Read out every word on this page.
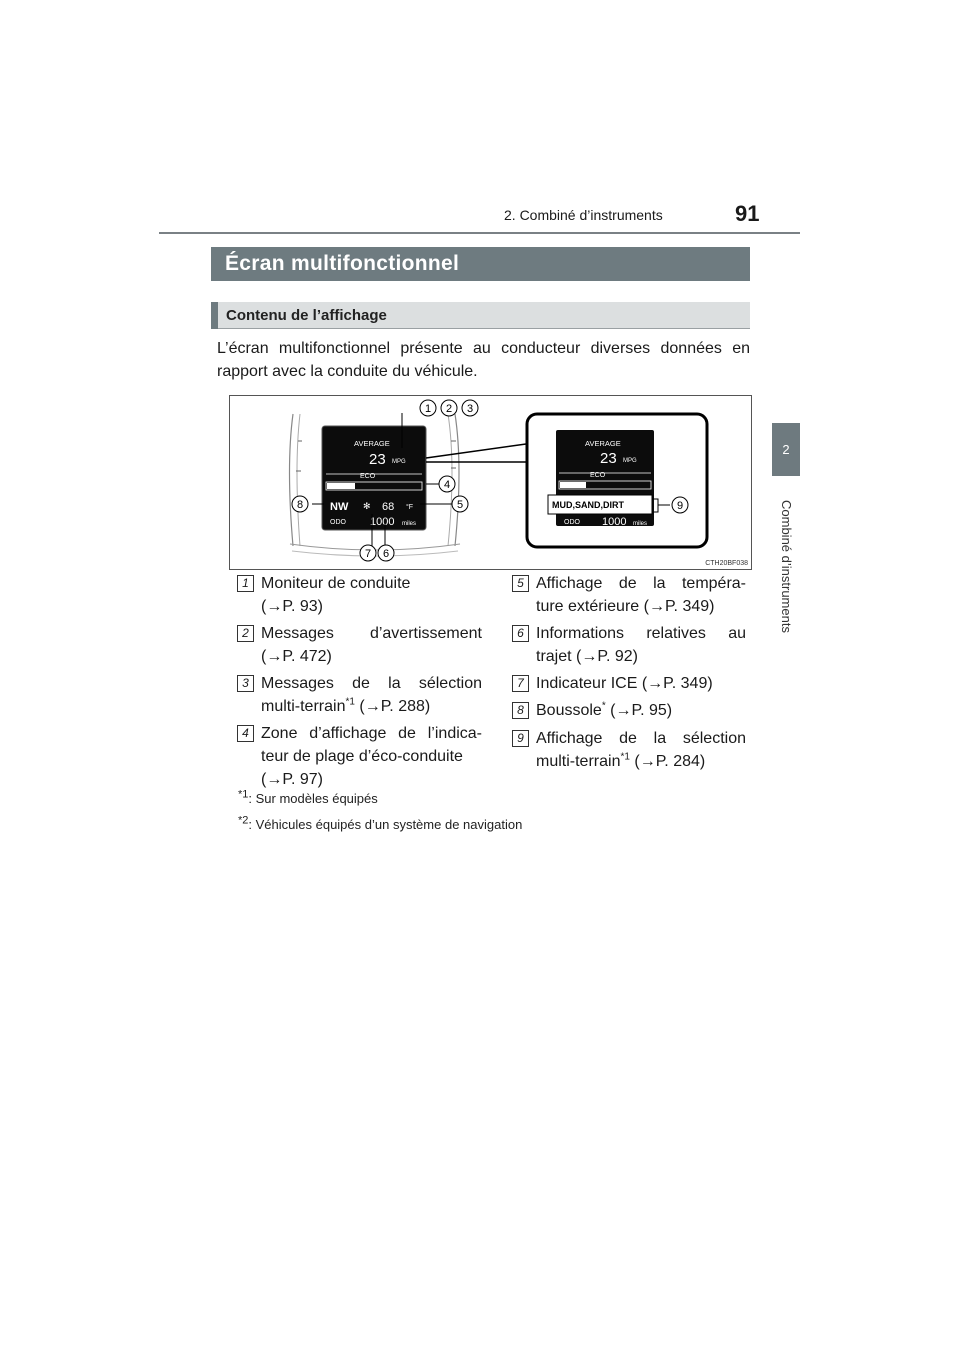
2. Combiné d’instruments	91
2
Combiné d’instruments
Écran multifonctionnel
Contenu de l’affichage
L’écran multifonctionnel présente au conducteur diverses données en rapport avec la conduite du véhicule.
AVERAGE
23 MPG
ECO
NW ✻ 68 °F
ODO 1000 miles
AVERAGE
23 MPG
ECO
MUD,SAND,DIRT
ODO 1000 miles
1 2 3
4
5
6
7
8	9
CTH20BF038
1 Moniteur de conduite
(→P. 93)
2 Messages d’avertissement
(→P. 472)
3 Messages de la sélection
multi-terrain$^{*1}$ (→P. 288)
4 Zone d’affichage de l’indica-
teur de plage d’éco-conduite
(→P. 97)
5 Affichage de la tempéra-
ture extérieure (→P. 349)
6 Informations relatives au
trajet (→P. 92)
7 Indicateur ICE (→P. 349)
8 Boussole* (→P. 95)
9 Affichage de la sélection
multi-terrain$^{*1}$ (→P. 284)
$^{*1}$: Sur modèles équipés
$^{*2}$: Véhicules équipés d’un système de navigation
